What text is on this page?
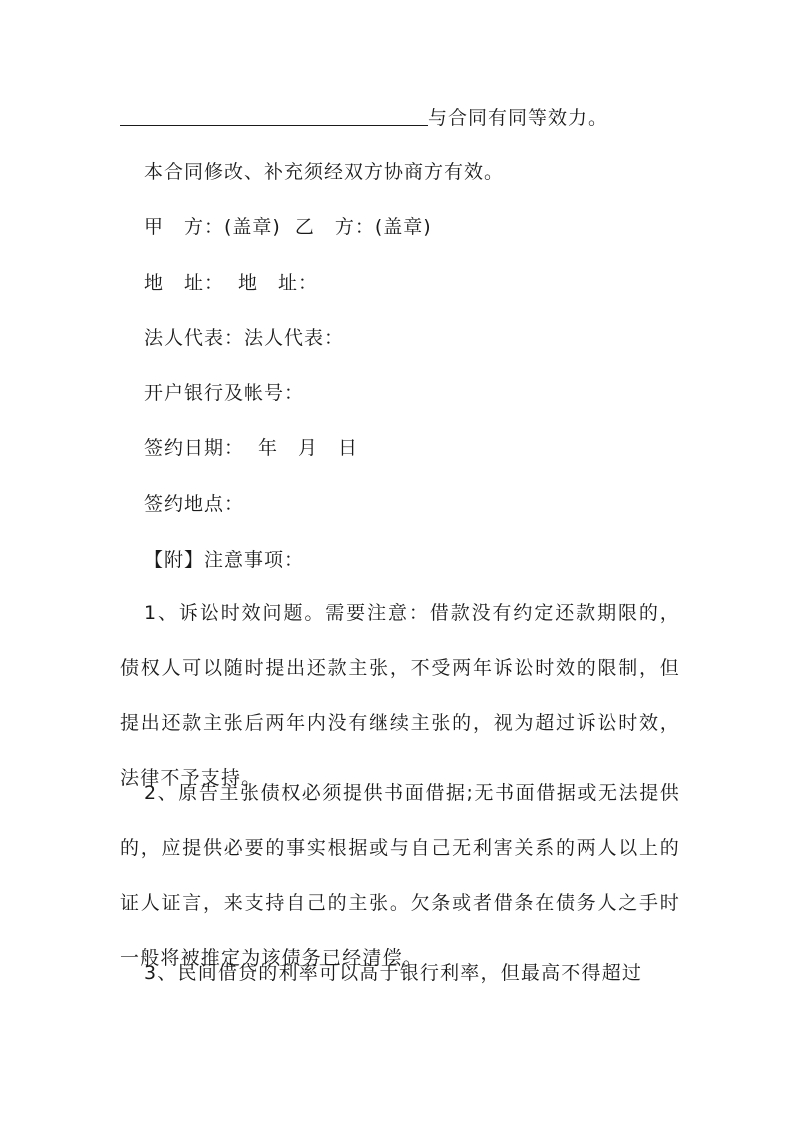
与合同有同等效力。
本合同修改、补充须经双方协商方有效。
甲　方：(盖章) 乙　方：(盖章)
地　址： 地　址：
法人代表：法人代表：
开户银行及帐号：
签约日期： 年　月　日
签约地点：
【附】注意事项：
1、诉讼时效问题。需要注意：借款没有约定还款期限的，债权人可以随时提出还款主张，不受两年诉讼时效的限制，但提出还款主张后两年内没有继续主张的，视为超过诉讼时效，法律不予支持。
2、原告主张债权必须提供书面借据;无书面借据或无法提供的，应提供必要的事实根据或与自己无利害关系的两人以上的证人证言，来支持自己的主张。欠条或者借条在债务人之手时一般将被推定为该债务已经清偿。
3、民间借贷的利率可以高于银行利率，但最高不得超过
